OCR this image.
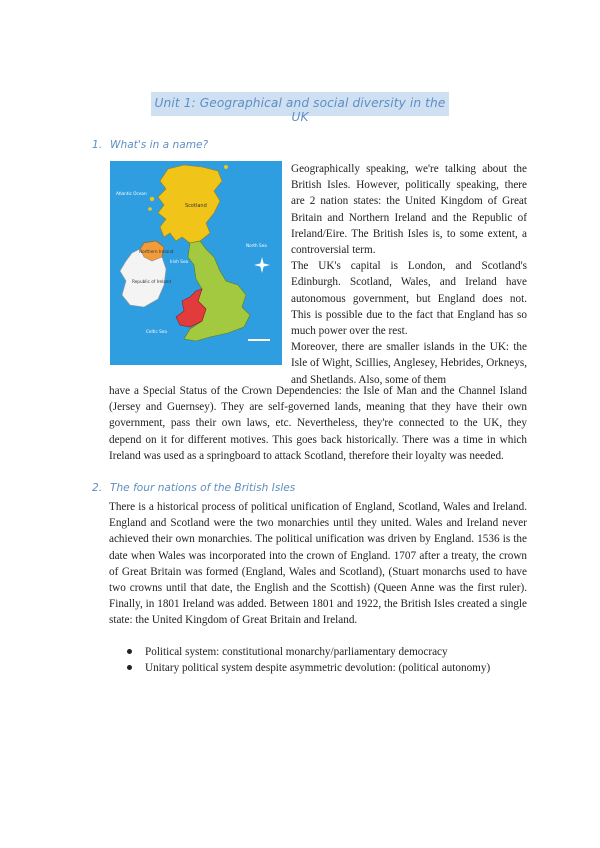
Unit 1: Geographical and social diversity in the UK
1. What's in a name?
Scotland
Northern Ireland
Republic of Ireland
Irish Sea
North Sea
Atlantic Ocean
Celtic Sea
Geographically speaking, we're talking about the British Isles. However, politically speaking, there are 2 nation states: the United Kingdom of Great Britain and Northern Ireland and the Republic of Ireland/Eire. The British Isles is, to some extent, a controversial term.
The UK's capital is London, and Scotland's Edinburgh. Scotland, Wales, and Ireland have autonomous government, but England does not. This is possible due to the fact that England has so much power over the rest.
Moreover, there are smaller islands in the UK: the Isle of Wight, Scillies, Anglesey, Hebrides, Orkneys, and Shetlands. Also, some of them
have a Special Status of the Crown Dependencies: the Isle of Man and the Channel Island (Jersey and Guernsey). They are self-governed lands, meaning that they have their own government, pass their own laws, etc. Nevertheless, they're connected to the UK, they depend on it for different motives. This goes back historically. There was a time in which Ireland was used as a springboard to attack Scotland, therefore their loyalty was needed.
2. The four nations of the British Isles
There is a historical process of political unification of England, Scotland, Wales and Ireland. England and Scotland were the two monarchies until they united. Wales and Ireland never achieved their own monarchies. The political unification was driven by England. 1536 is the date when Wales was incorporated into the crown of England. 1707 after a treaty, the crown of Great Britain was formed (England, Wales and Scotland), (Stuart monarchs used to have two crowns until that date, the English and the Scottish) (Queen Anne was the first ruler). Finally, in 1801 Ireland was added. Between 1801 and 1922, the British Isles created a single state: the United Kingdom of Great Britain and Ireland.
Political system: constitutional monarchy/parliamentary democracy
Unitary political system despite asymmetric devolution: (political autonomy)
